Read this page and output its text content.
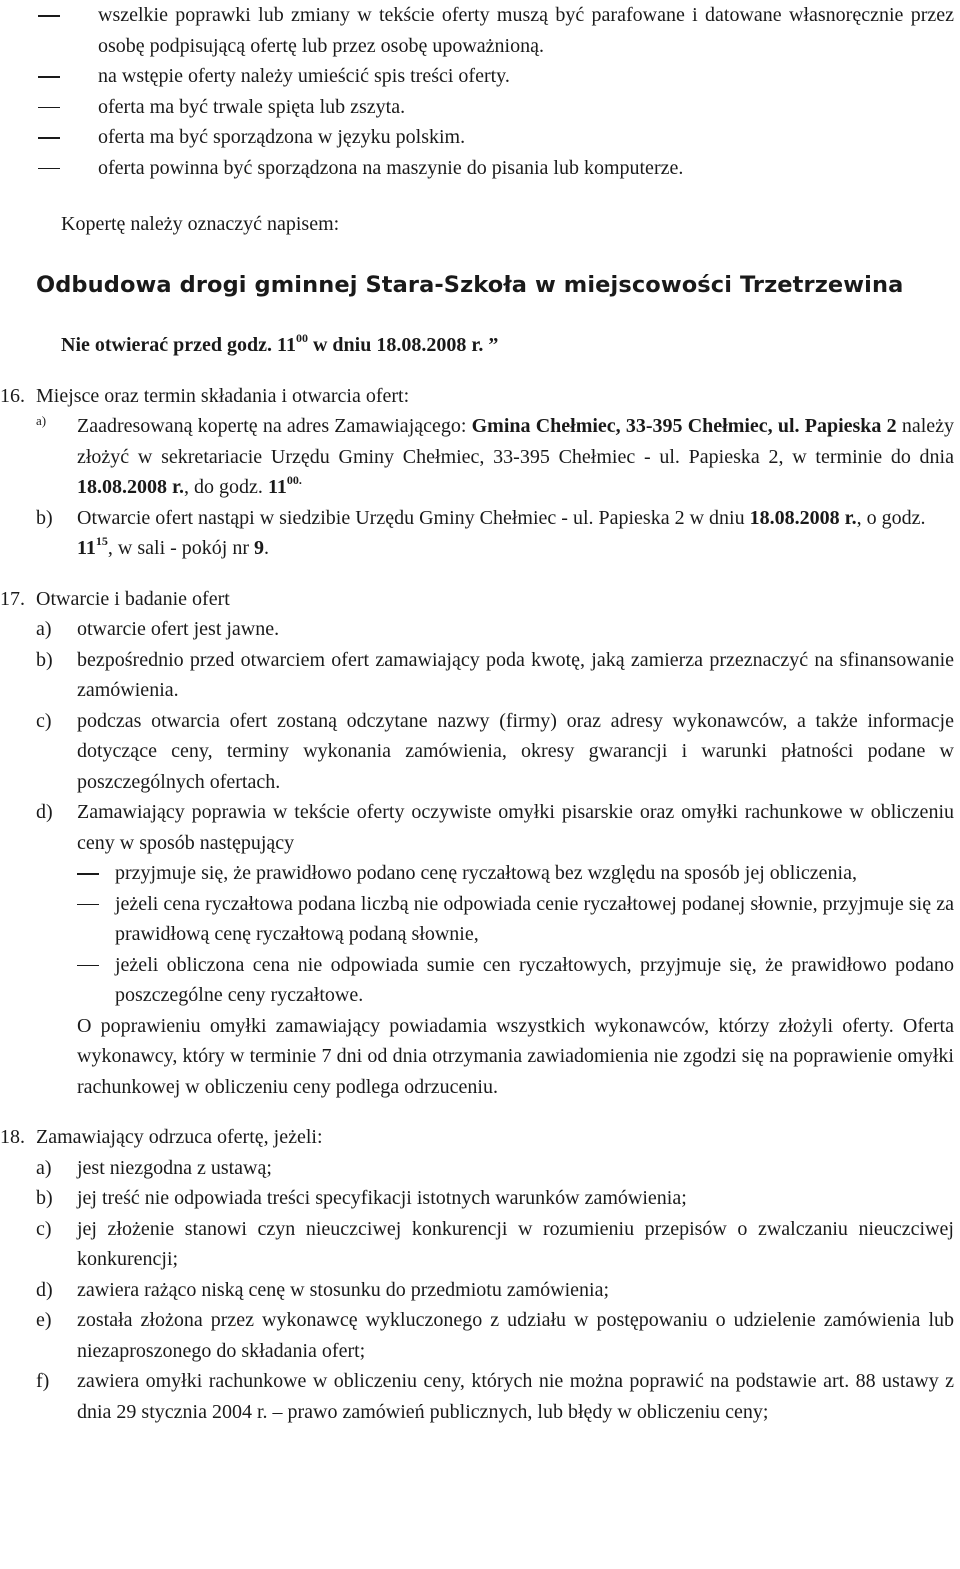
wszelkie poprawki lub zmiany w tekście oferty muszą być parafowane i datowane własnoręcznie przez osobę podpisującą ofertę lub przez osobę upoważnioną.
na wstępie oferty należy umieścić spis treści oferty.
oferta ma być trwale spięta lub zszyta.
oferta ma być sporządzona w języku polskim.
oferta powinna być sporządzona na maszynie do pisania lub komputerze.
Kopertę należy oznaczyć napisem:
Odbudowa drogi gminnej Stara-Szkoła w miejscowości Trzetrzewina
Nie otwierać przed godz. $11^{00}$ w dniu 18.08.2008 r. ”
16. Miejsce oraz termin składania i otwarcia ofert:
a)	Zaadresowaną kopertę na adres Zamawiającego: Gmina Chełmiec, 33-395 Chełmiec, ul. Papieska 2 należy złożyć w sekretariacie Urzędu Gminy Chełmiec, 33-395 Chełmiec - ul. Papieska 2, w terminie do dnia 18.08.2008 r., do godz. $11^{00.}$
b)	Otwarcie ofert nastąpi w siedzibie Urzędu Gminy Chełmiec - ul. Papieska 2 w dniu 18.08.2008 r., o godz. $11^{15}$, w sali - pokój nr 9.
17. Otwarcie i badanie ofert
a)	otwarcie ofert jest jawne.
b)	bezpośrednio przed otwarciem ofert zamawiający poda kwotę, jaką zamierza przeznaczyć na sfinansowanie zamówienia.
c)	podczas otwarcia ofert zostaną odczytane nazwy (firmy) oraz adresy wykonawców, a także informacje dotyczące ceny, terminy wykonania zamówienia, okresy gwarancji i warunki płatności podane w poszczególnych ofertach.
d)	Zamawiający poprawia w tekście oferty oczywiste omyłki pisarskie oraz omyłki rachunkowe w obliczeniu ceny w sposób następujący
przyjmuje się, że prawidłowo podano cenę ryczałtową bez względu na sposób jej obliczenia,
jeżeli cena ryczałtowa podana liczbą nie odpowiada cenie ryczałtowej podanej słownie, przyjmuje się za prawidłową cenę ryczałtową podaną słownie,
jeżeli obliczona cena nie odpowiada sumie cen ryczałtowych, przyjmuje się, że prawidłowo podano poszczególne ceny ryczałtowe.
O poprawieniu omyłki zamawiający powiadamia wszystkich wykonawców, którzy złożyli oferty. Oferta wykonawcy, który w terminie 7 dni od dnia otrzymania zawiadomienia nie zgodzi się na poprawienie omyłki rachunkowej w obliczeniu ceny podlega odrzuceniu.
18. Zamawiający odrzuca ofertę, jeżeli:
a)	jest niezgodna z ustawą;
b)	jej treść nie odpowiada treści specyfikacji istotnych warunków zamówienia;
c)	jej złożenie stanowi czyn nieuczciwej konkurencji w rozumieniu przepisów o zwalczaniu nieuczciwej konkurencji;
d)	zawiera rażąco niską cenę w stosunku do przedmiotu zamówienia;
e)	została złożona przez wykonawcę wykluczonego z udziału w postępowaniu o udzielenie zamówienia lub niezaproszonego do składania ofert;
f)	zawiera omyłki rachunkowe w obliczeniu ceny, których nie można poprawić na podstawie art. 88 ustawy z dnia 29 stycznia 2004 r. – prawo zamówień publicznych, lub błędy w obliczeniu ceny;
